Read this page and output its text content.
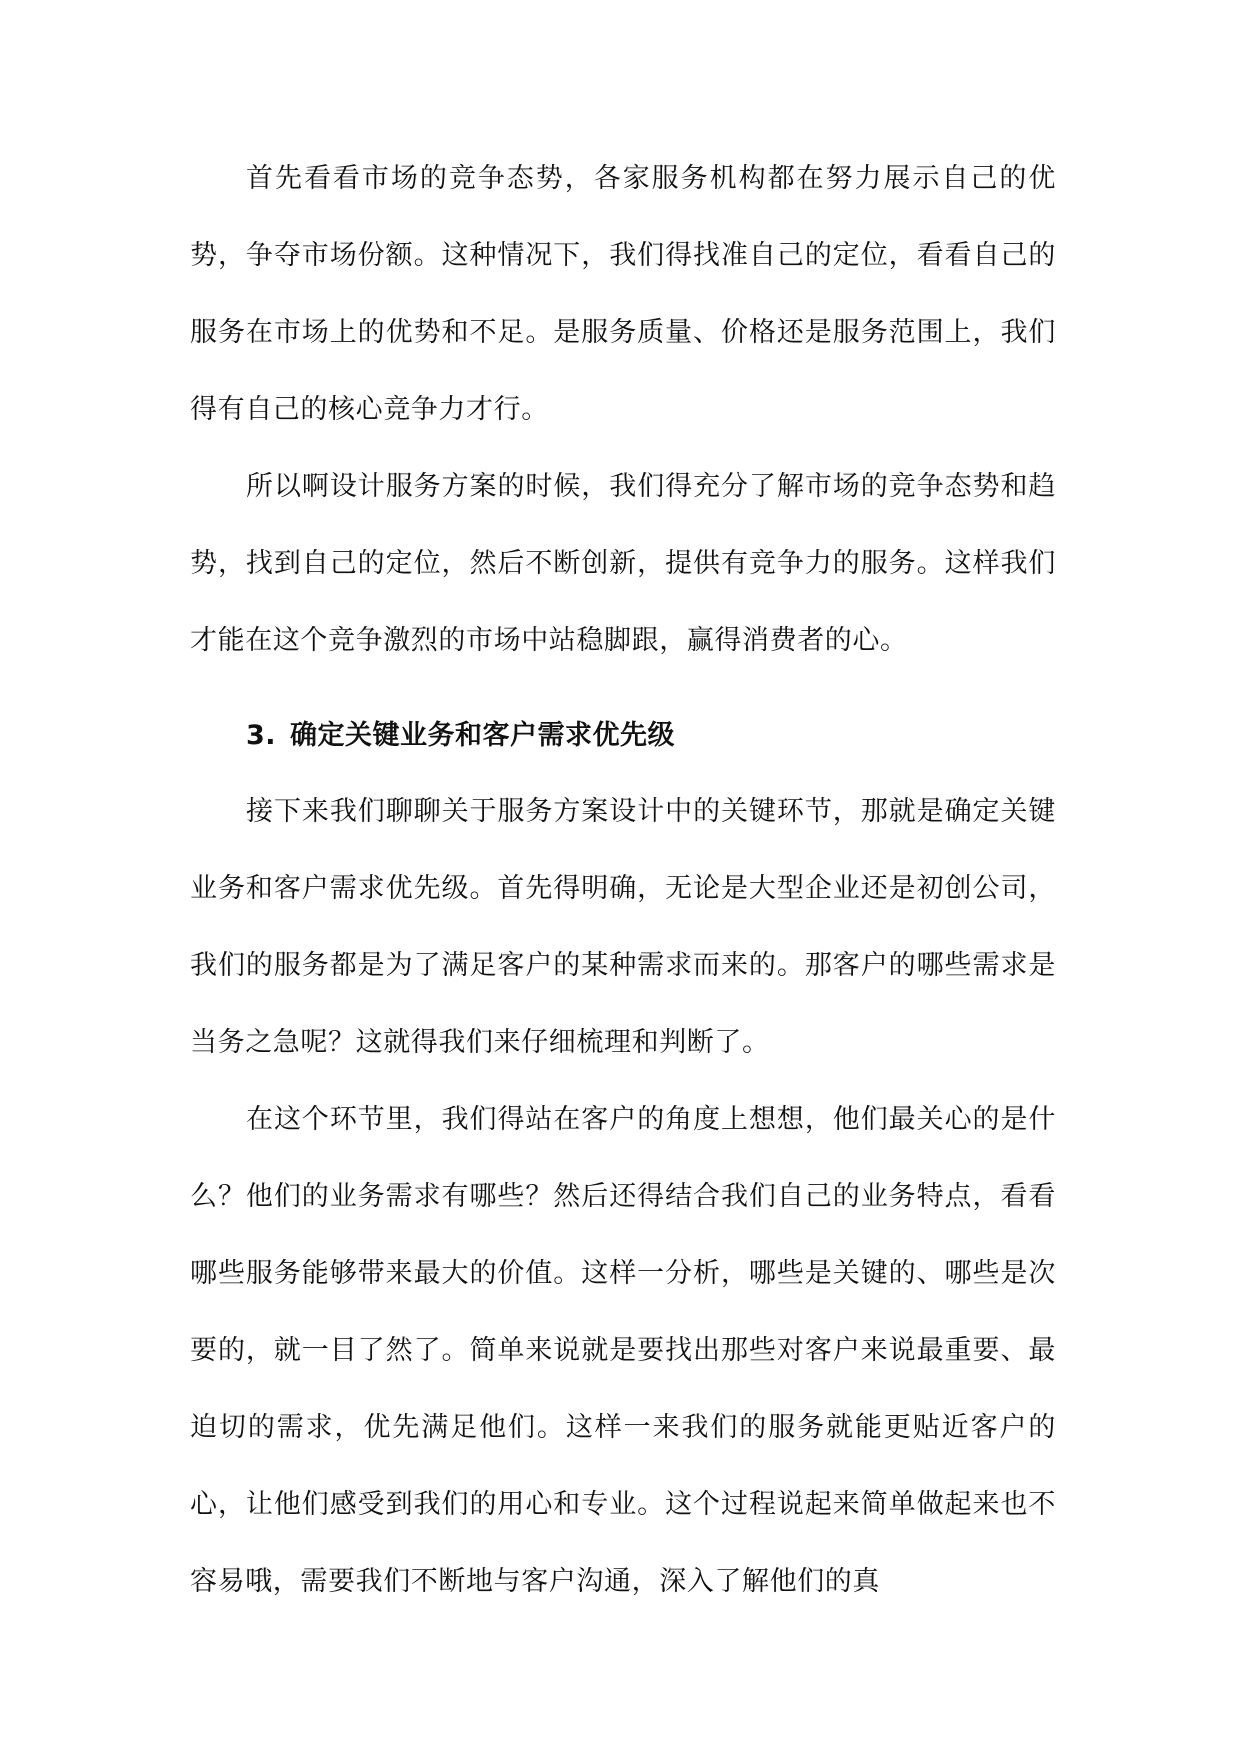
首先看看市场的竞争态势，各家服务机构都在努力展示自己的优势，争夺市场份额。这种情况下，我们得找准自己的定位，看看自己的服务在市场上的优势和不足。是服务质量、价格还是服务范围上，我们得有自己的核心竞争力才行。

所以啊设计服务方案的时候，我们得充分了解市场的竞争态势和趋势，找到自己的定位，然后不断创新，提供有竞争力的服务。这样我们才能在这个竞争激烈的市场中站稳脚跟，赢得消费者的心。

3. 确定关键业务和客户需求优先级

接下来我们聊聊关于服务方案设计中的关键环节，那就是确定关键业务和客户需求优先级。首先得明确，无论是大型企业还是初创公司，我们的服务都是为了满足客户的某种需求而来的。那客户的哪些需求是当务之急呢？这就得我们来仔细梳理和判断了。

在这个环节里，我们得站在客户的角度上想想，他们最关心的是什么？他们的业务需求有哪些？然后还得结合我们自己的业务特点，看看哪些服务能够带来最大的价值。这样一分析，哪些是关键的、哪些是次要的，就一目了然了。简单来说就是要找出那些对客户来说最重要、最迫切的需求，优先满足他们。这样一来我们的服务就能更贴近客户的心，让他们感受到我们的用心和专业。这个过程说起来简单做起来也不容易哦，需要我们不断地与客户沟通，深入了解他们的真
